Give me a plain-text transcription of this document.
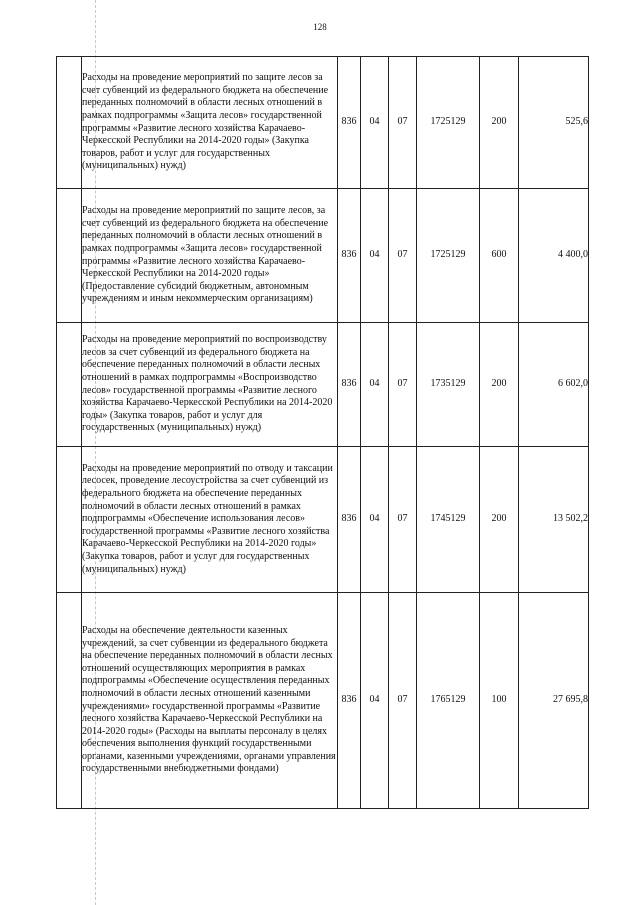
128
	Расходы на проведение мероприятий по защите лесов за счет субвенций из федерального бюджета на обеспечение переданных полномочий в области лесных отношений в рамках подпрограммы «Защита лесов» государственной программы «Развитие лесного хозяйства Карачаево-Черкесской Республики на 2014-2020 годы» (Закупка товаров, работ и услуг для государственных (муниципальных) нужд)	836	04	07	1725129	200	525,6
	Расходы на проведение мероприятий по защите лесов, за счет субвенций из федерального бюджета на обеспечение переданных полномочий в области лесных отношений в рамках подпрограммы «Защита лесов» государственной программы «Развитие лесного хозяйства Карачаево-Черкесской Республики на 2014-2020 годы» (Предоставление субсидий бюджетным, автономным учреждениям и иным некоммерческим организациям)	836	04	07	1725129	600	4 400,0
	Расходы на проведение мероприятий по воспроизводству лесов за счет субвенций из федерального бюджета на обеспечение переданных полномочий в области лесных отношений в рамках подпрограммы «Воспроизводство лесов» государственной программы «Развитие лесного хозяйства Карачаево-Черкесской Республики на 2014-2020 годы» (Закупка товаров, работ и услуг для государственных (муниципальных) нужд)	836	04	07	1735129	200	6 602,0
	Расходы на проведение мероприятий по отводу и таксации лесосек, проведение лесоустройства за счет субвенций из федерального бюджета на обеспечение переданных полномочий в области лесных отношений в рамках подпрограммы «Обеспечение использования лесов» государственной программы «Развитие лесного хозяйства Карачаево-Черкесской Республики на 2014-2020 годы» (Закупка товаров, работ и услуг для государственных (муниципальных) нужд)	836	04	07	1745129	200	13 502,2
	Расходы на обеспечение деятельности казенных учреждений, за счет субвенции из федерального бюджета на обеспечение переданных полномочий в области лесных отношений осуществляющих мероприятия в рамках подпрограммы «Обеспечение осуществления переданных полномочий в области лесных отношений казенными учреждениями» государственной программы «Развитие лесного хозяйства Карачаево-Черкесской Республики на 2014-2020 годы» (Расходы на выплаты персоналу в целях обеспечения выполнения функций государственными органами, казенными учреждениями, органами управления государственными внебюджетными фондами)	836	04	07	1765129	100	27 695,8
